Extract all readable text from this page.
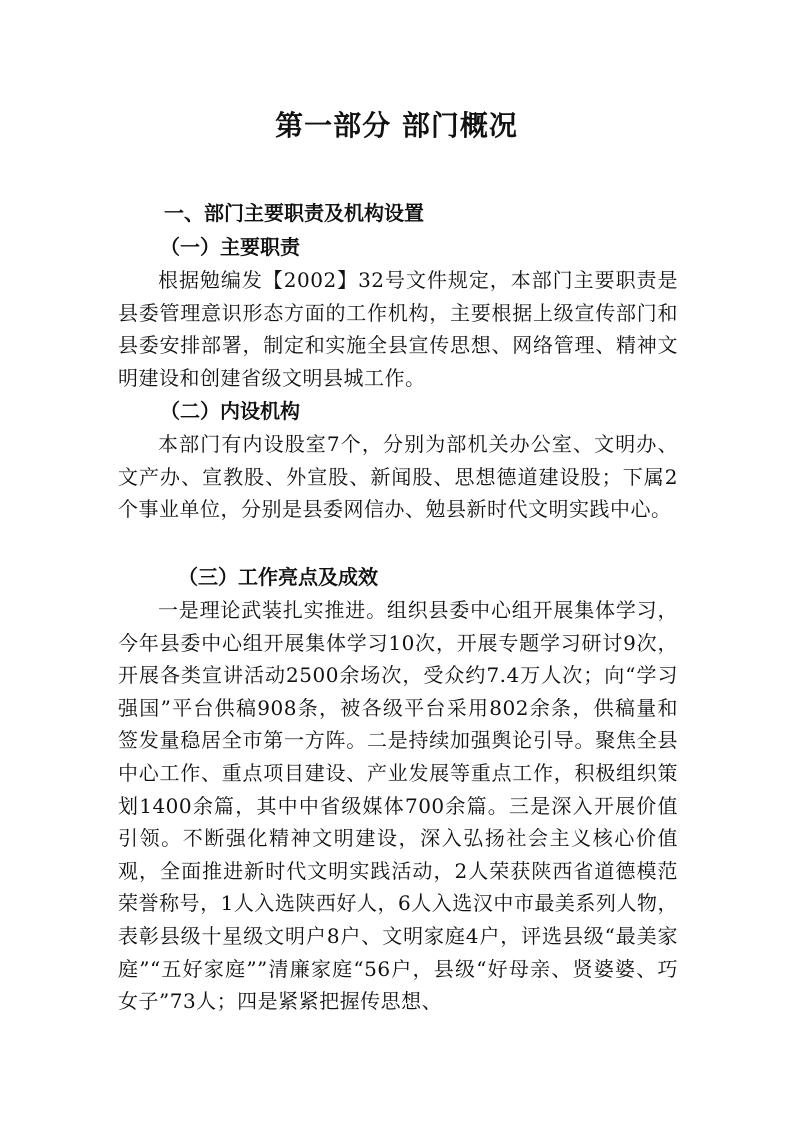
第一部分 部门概况
一、部门主要职责及机构设置
（一）主要职责

根据勉编发【2002】32号文件规定，本部门主要职责是县委管理意识形态方面的工作机构，主要根据上级宣传部门和县委安排部署，制定和实施全县宣传思想、网络管理、精神文明建设和创建省级文明县城工作。

（二）内设机构

本部门有内设股室7个，分别为部机关办公室、文明办、文产办、宣教股、外宣股、新闻股、思想德道建设股；下属2个事业单位，分别是县委网信办、勉县新时代文明实践中心。

（三）工作亮点及成效

一是理论武装扎实推进。组织县委中心组开展集体学习，今年县委中心组开展集体学习10次，开展专题学习研讨9次，开展各类宣讲活动2500余场次，受众约7.4万人次；向“学习强国”平台供稿908条，被各级平台采用802余条，供稿量和签发量稳居全市第一方阵。二是持续加强舆论引导。聚焦全县中心工作、重点项目建设、产业发展等重点工作，积极组织策划1400余篇，其中中省级媒体700余篇。三是深入开展价值引领。不断强化精神文明建设，深入弘扬社会主义核心价值观，全面推进新时代文明实践活动，2人荣获陕西省道德模范荣誉称号，1人入选陕西好人，6人入选汉中市最美系列人物，表彰县级十星级文明户8户、文明家庭4户，评选县级“最美家庭”“五好家庭””清廉家庭“56户，县级“好母亲、贤婆婆、巧女子”73人；四是紧紧把握传思想、
